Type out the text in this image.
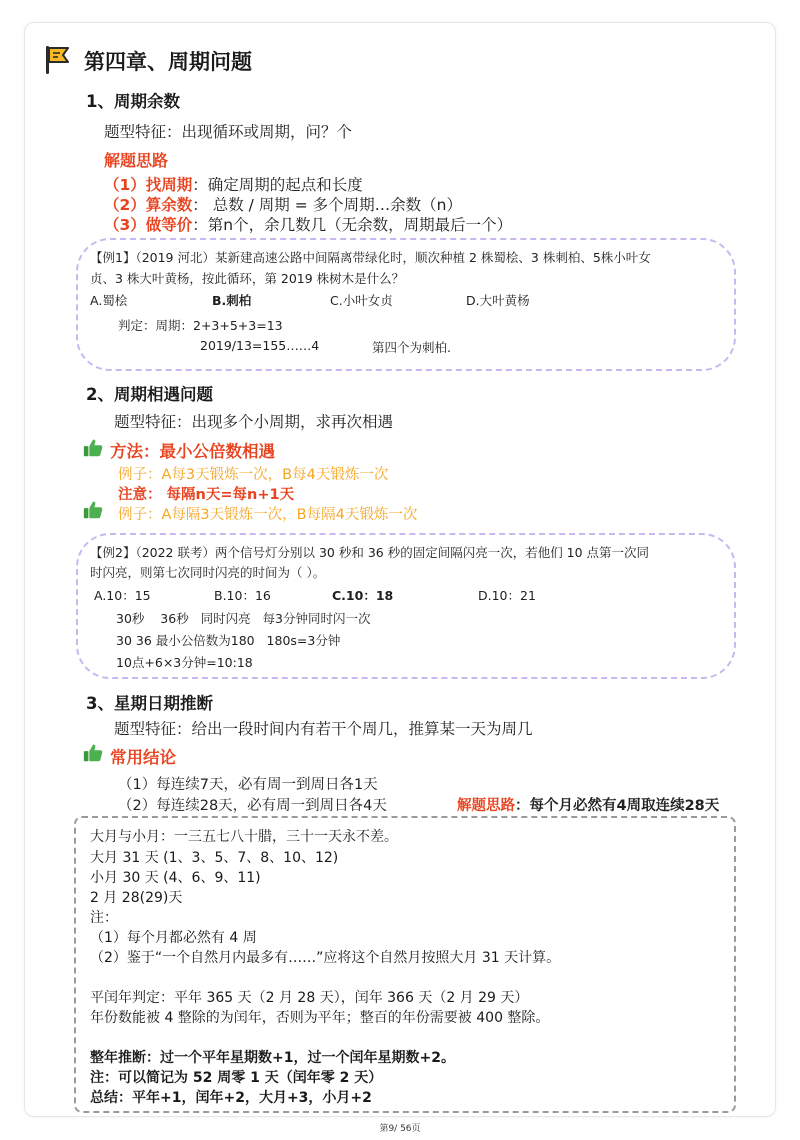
第四章、周期问题
1、周期余数
题型特征：出现循环或周期，问？个
解题思路
（1）找周期：确定周期的起点和长度
（2）算余数： 总数 / 周期 = 多个周期…余数（n）
（3）做等价：第n个，余几数几（无余数，周期最后一个）
【例1】（2019 河北）某新建高速公路中间隔离带绿化时，顺次种植 2 株蜀桧、3 株刺柏、5株小叶女
贞、3 株大叶黄杨，按此循环，第 2019 株树木是什么？
A.蜀桧	B.刺柏	C.小叶女贞	D.大叶黄杨
判定：周期：2+3+5+3=13
2019/13=155……4	第四个为刺柏.
2、周期相遇问题
题型特征：出现多个小周期，求再次相遇
方法：最小公倍数相遇
例子：A每3天锻炼一次，B每4天锻炼一次
注意： 每隔n天=每n+1天
例子：A每隔3天锻炼一次，B每隔4天锻炼一次
【例2】（2022 联考）两个信号灯分别以 30 秒和 36 秒的固定间隔闪亮一次，若他们 10 点第一次同
时闪亮，则第七次同时闪亮的时间为（ ）。
A.10：15	B.10：16	C.10：18	D.10：21
30秒    36秒   同时闪亮   每3分钟同时闪一次
30 36 最小公倍数为180   180s=3分钟
10点+6×3分钟=10:18
3、星期日期推断
题型特征：给出一段时间内有若干个周几，推算某一天为周几
常用结论
（1）每连续7天，必有周一到周日各1天
（2）每连续28天，必有周一到周日各4天	解题思路：每个月必然有4周取连续28天
大月与小月：一三五七八十腊，三十一天永不差。
大月 31 天 (1、3、5、7、8、10、12)
小月 30 天 (4、6、9、11)
2 月 28(29)天
注：
（1）每个月都必然有 4 周
（2）鉴于“一个自然月内最多有……”应将这个自然月按照大月 31 天计算。
平闰年判定：平年 365 天（2 月 28 天），闰年 366 天（2 月 29 天）
年份数能被 4 整除的为闰年，否则为平年；整百的年份需要被 400 整除。
整年推断：过一个平年星期数+1，过一个闰年星期数+2。
注：可以简记为 52 周零 1 天（闰年零 2 天）
总结：平年+1，闰年+2，大月+3，小月+2
第9/ 56页
